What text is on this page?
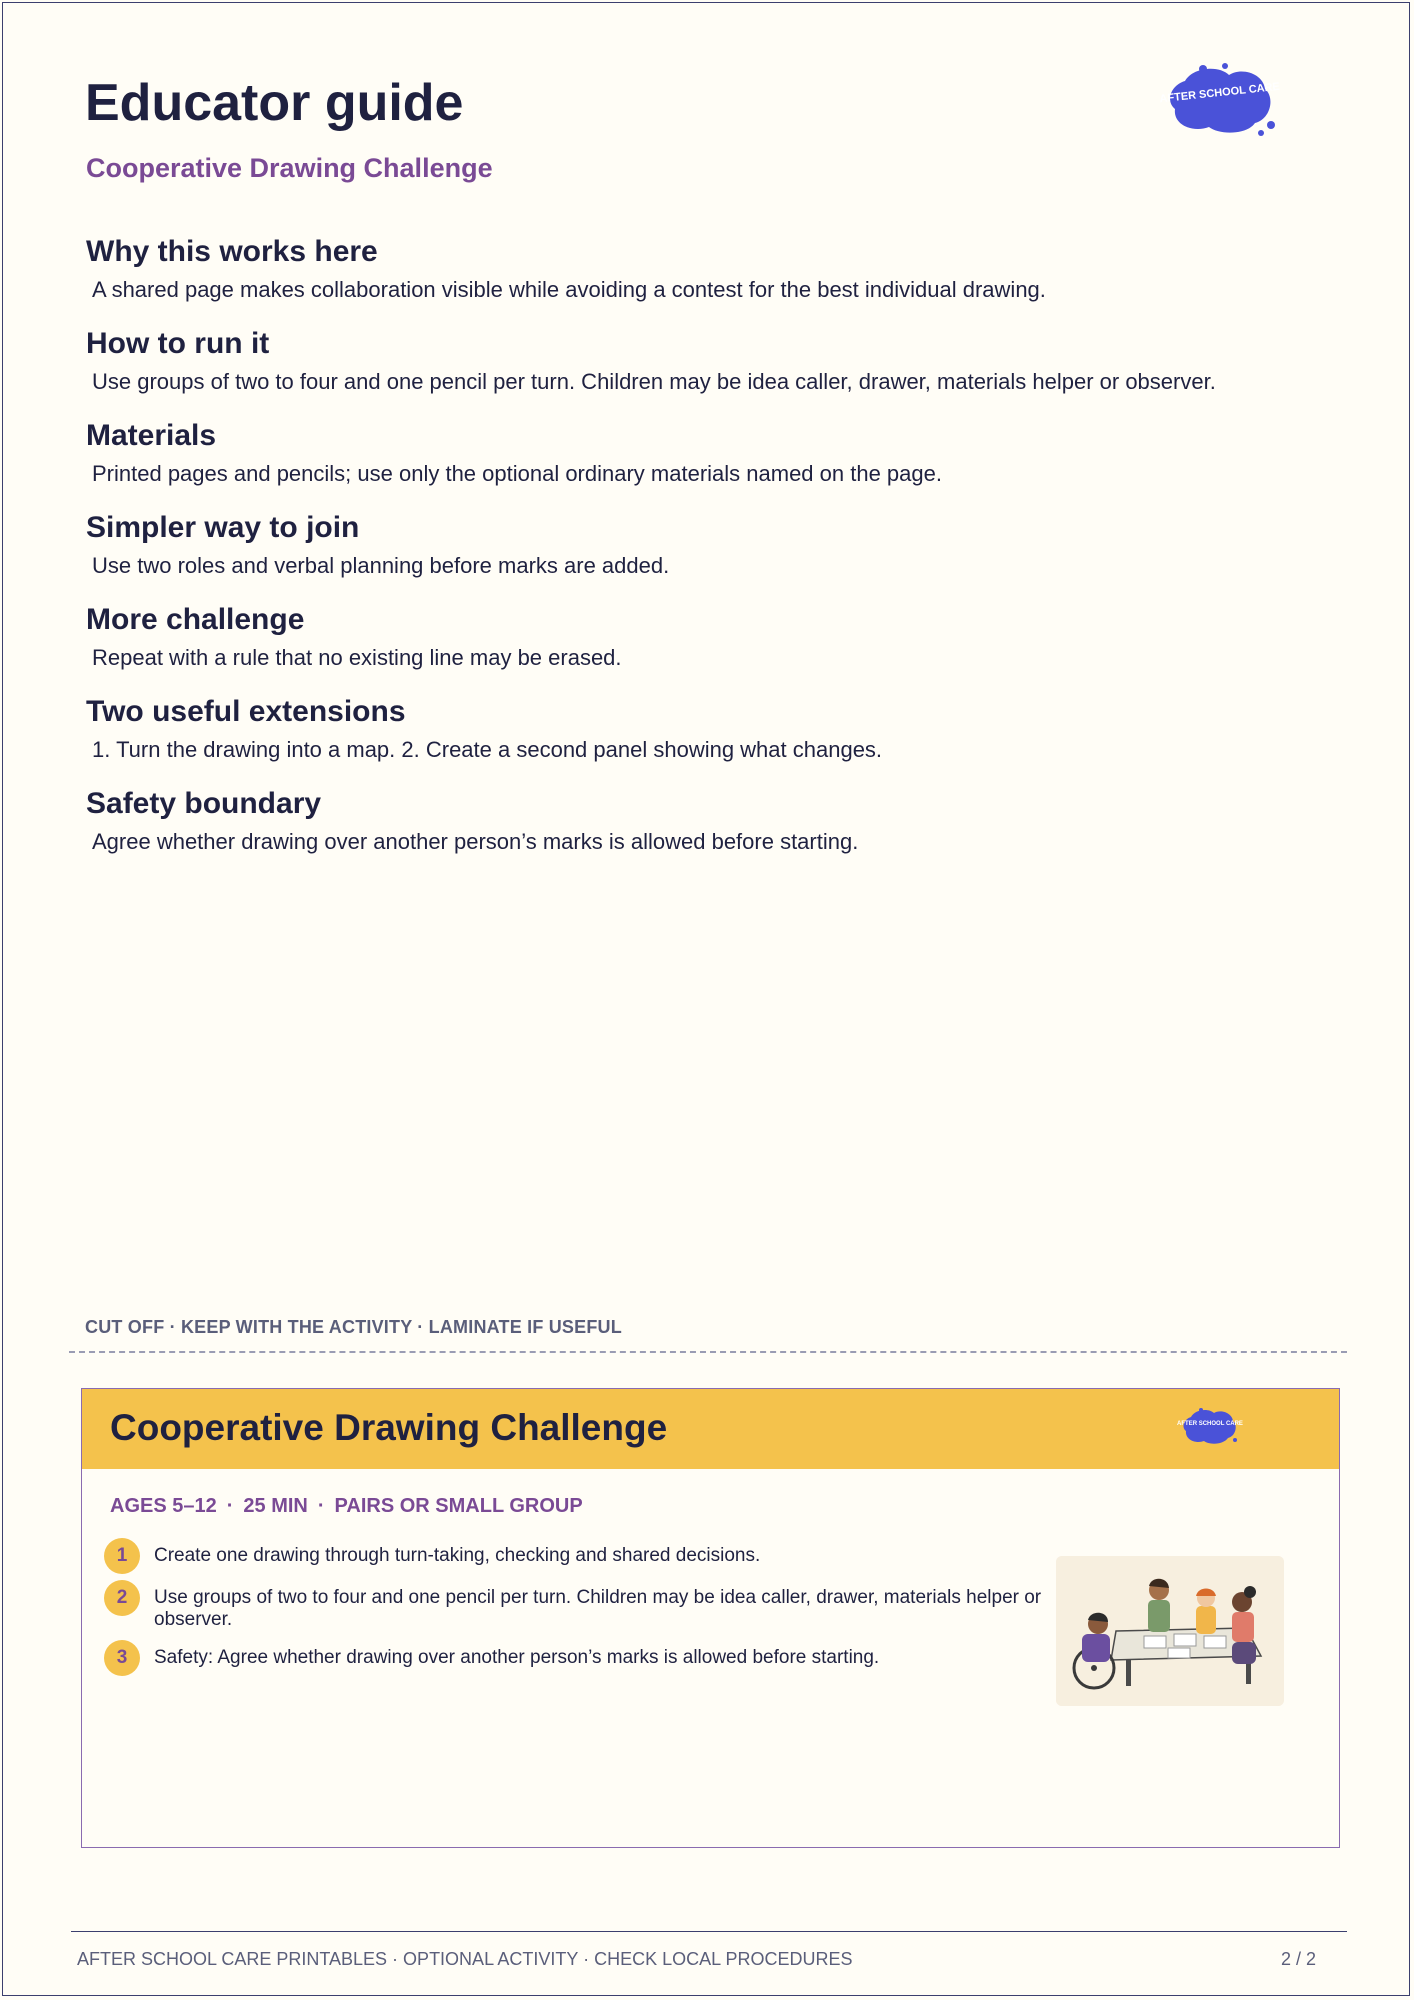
Educator guide
Cooperative Drawing Challenge
AFTER SCHOOL CARE
Why this works here

A shared page makes collaboration visible while avoiding a contest for the best individual drawing.

How to run it

Use groups of two to four and one pencil per turn. Children may be idea caller, drawer, materials helper or observer.

Materials

Printed pages and pencils; use only the optional ordinary materials named on the page.

Simpler way to join

Use two roles and verbal planning before marks are added.

More challenge

Repeat with a rule that no existing line may be erased.

Two useful extensions

1. Turn the drawing into a map. 2. Create a second panel showing what changes.

Safety boundary

Agree whether drawing over another person’s marks is allowed before starting.

CUT OFF · KEEP WITH THE ACTIVITY · LAMINATE IF USEFUL
Cooperative Drawing Challenge	AFTER SCHOOL CARE
AGES 5–12 · 25 MIN · PAIRS OR SMALL GROUP
1	Create one drawing through turn-taking, checking and shared decisions.
2	Use groups of two to four and one pencil per turn. Children may be idea caller, drawer, materials helper or observer.
3	Safety: Agree whether drawing over another person’s marks is allowed before starting.
AFTER SCHOOL CARE PRINTABLES · OPTIONAL ACTIVITY · CHECK LOCAL PROCEDURES	2 / 2
